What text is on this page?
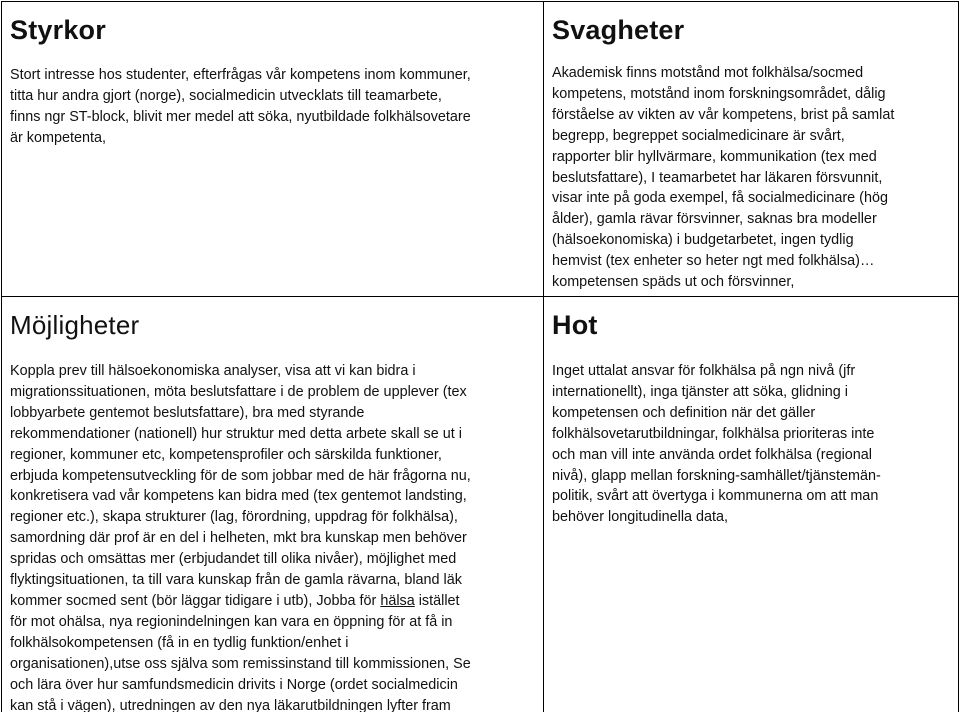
Styrkor

Stort intresse hos studenter, efterfrågas vår kompetens inom kommuner,
titta hur andra gjort (norge), socialmedicin utvecklats till teamarbete,
finns ngr ST-block, blivit mer medel att söka, nyutbildade folkhälsovetare
är kompetenta,

Svagheter

Akademisk finns motstånd mot folkhälsa/socmed
kompetens, motstånd inom forskningsområdet, dålig
förståelse av vikten av vår kompetens, brist på samlat
begrepp, begreppet socialmedicinare är svårt,
rapporter blir hyllvärmare, kommunikation (tex med
beslutsfattare), I teamarbetet har läkaren försvunnit,
visar inte på goda exempel, få socialmedicinare (hög
ålder), gamla rävar försvinner, saknas bra modeller
(hälsoekonomiska) i budgetarbetet, ingen tydlig
hemvist (tex enheter so heter ngt med folkhälsa)…
kompetensen späds ut och försvinner,

Möjligheter

Koppla prev till hälsoekonomiska analyser, visa att vi kan bidra i
migrationssituationen, möta beslutsfattare i de problem de upplever (tex
lobbyarbete gentemot beslutsfattare), bra med styrande
rekommendationer (nationell) hur struktur med detta arbete skall se ut i
regioner, kommuner etc, kompetensprofiler och särskilda funktioner,
erbjuda kompetensutveckling för de som jobbar med de här frågorna nu,
konkretisera vad vår kompetens kan bidra med (tex gentemot landsting,
regioner etc.), skapa strukturer (lag, förordning, uppdrag för folkhälsa),
samordning där prof är en del i helheten, mkt bra kunskap men behöver
spridas och omsättas mer (erbjudandet till olika nivåer), möjlighet med
flyktingsituationen, ta till vara kunskap från de gamla rävarna, bland läk
kommer socmed sent (bör läggar tidigare i utb), Jobba för hälsa istället
för mot ohälsa, nya regionindelningen kan vara en öppning för at få in
folkhälsokompetensen (få in en tydlig funktion/enhet i
organisationen),utse oss själva som remissinstand till kommissionen, Se
och lära över hur samfundsmedicin drivits i Norge (ordet socialmedicin
kan stå i vägen), utredningen av den nya läkarutbildningen lyfter fram

Hot

Inget uttalat ansvar för folkhälsa på ngn nivå (jfr
internationellt), inga tjänster att söka, glidning i
kompetensen och definition när det gäller
folkhälsovetarutbildningar, folkhälsa prioriteras inte
och man vill inte använda ordet folkhälsa (regional
nivå), glapp mellan forskning-samhället/tjänstemän-
politik, svårt att övertyga i kommunerna om att man
behöver longitudinella data,
